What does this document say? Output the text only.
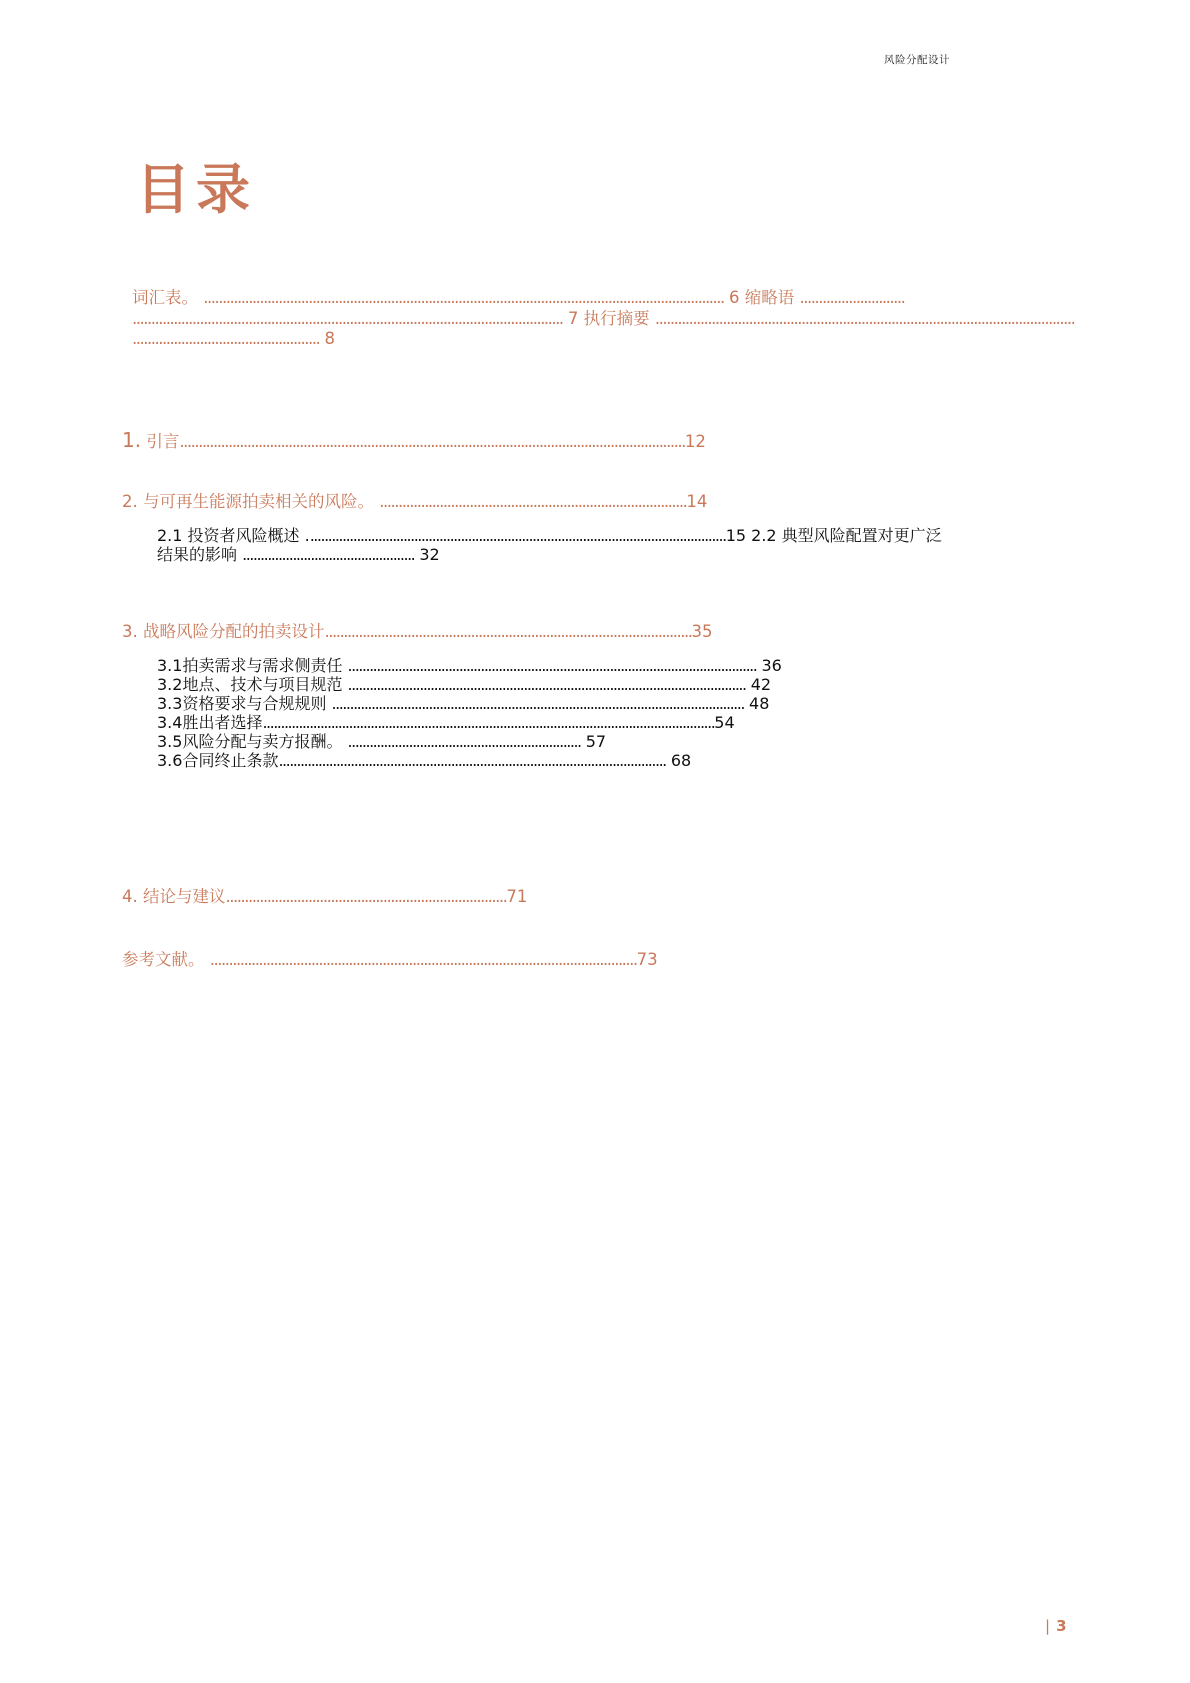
风险分配设计
目录
词汇表。 ........................................................................................................................................... 6 缩略语 ............................
................................................................................................................... 7 执行摘要 ................................................................................................................
.................................................. 8
1. 引言.......................................................................................................................................12
2. 与可再生能源拍卖相关的风险。 ..................................................................................14
2.1 投资者风险概述 .....................................................................................................................15 2.2 典型风险配置对更广泛
结果的影响 ................................................ 32
3. 战略风险分配的拍卖设计..................................................................................................35
3.1拍卖需求与需求侧责任 .................................................................................................................. 36
3.2地点、技术与项目规范 ............................................................................................................... 42
3.3资格要求与合规规则 ................................................................................................................... 48
3.4胜出者选择..............................................................................................................................54
3.5风险分配与卖方报酬。 ................................................................. 57
3.6合同终止条款............................................................................................................ 68
4. 结论与建议...........................................................................71
参考文献。 ..................................................................................................................73
| 3
